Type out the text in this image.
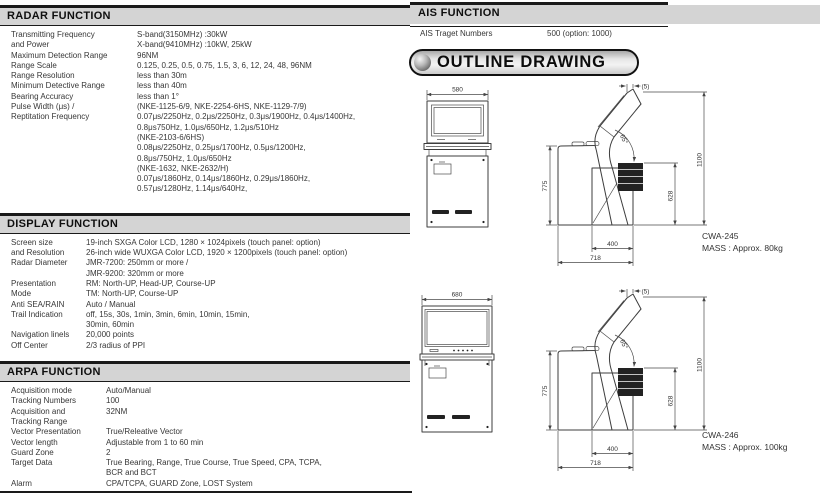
RADAR FUNCTION
Transmitting Frequency	S-band(3150MHz) :30kW
and Power	X-band(9410MHz) :10kW, 25kW
Maximum Detection Range	96NM
Range Scale	0.125, 0.25, 0.5, 0.75, 1.5, 3, 6, 12, 24, 48, 96NM
Range Resolution	less than 30m
Minimum Detective Range	less than 40m
Bearing Accuracy	less than 1°
Pulse Width (μs) /	(NKE-1125-6/9, NKE-2254-6HS, NKE-1129-7/9)
Reptitation Frequency	0.07μs/2250Hz, 0.2μs/2250Hz, 0.3μs/1900Hz, 0.4μs/1400Hz,
0.8μs750Hz, 1.0μs/650Hz, 1.2μs/510Hz
(NKE-2103-6/6HS)
0.08μs/2250Hz, 0.25μs/1700Hz, 0.5μs/1200Hz,
0.8μs/750Hz, 1.0μs/650Hz
(NKE-1632, NKE-2632/H)
0.07μs/1860Hz, 0.14μs/1860Hz, 0.29μs/1860Hz,
0.57μs/1280Hz, 1.14μs/640Hz,
DISPLAY FUNCTION
Screen size	19-inch SXGA Color LCD, 1280 × 1024pixels (touch panel: option)
and Resolution	26-inch wide WUXGA Color LCD, 1920 × 1200pixels (touch panel: option)
Radar Diameter	JMR-7200: 250mm or more /
JMR-9200: 320mm or more
Presentation	RM: North-UP, Head-UP, Course-UP
Mode	TM: North-UP, Course-UP
Anti SEA/RAIN	Auto / Manual
Trail Indication	off, 15s, 30s, 1min, 3min, 6min, 10min, 15min,
30min, 60min
Navigation linels	20,000 points
Off Center	2/3 radius of PPI
ARPA FUNCTION
Acquisition mode	Auto/Manual
Tracking Numbers	100
Acquisition and	32NM
Tracking Range
Vector Presentation	True/Releative Vector
Vector length	Adjustable from 1 to 60 min
Guard Zone	2
Target Data	True Bearing, Range, True Course, True Speed, CPA, TCPA,
BCR and BCT
Alarm	CPA/TCPA, GUARD Zone, LOST System
AIS FUNCTION
AIS Traget Numbers	500 (option: 1000)
OUTLINE DRAWING
580
65°
(5)
775
1100
628
400
718
CWA-245
MASS : Approx. 80kg
680
65°
(5)
775
1100
628
400
718
CWA-246
MASS : Approx. 100kg
